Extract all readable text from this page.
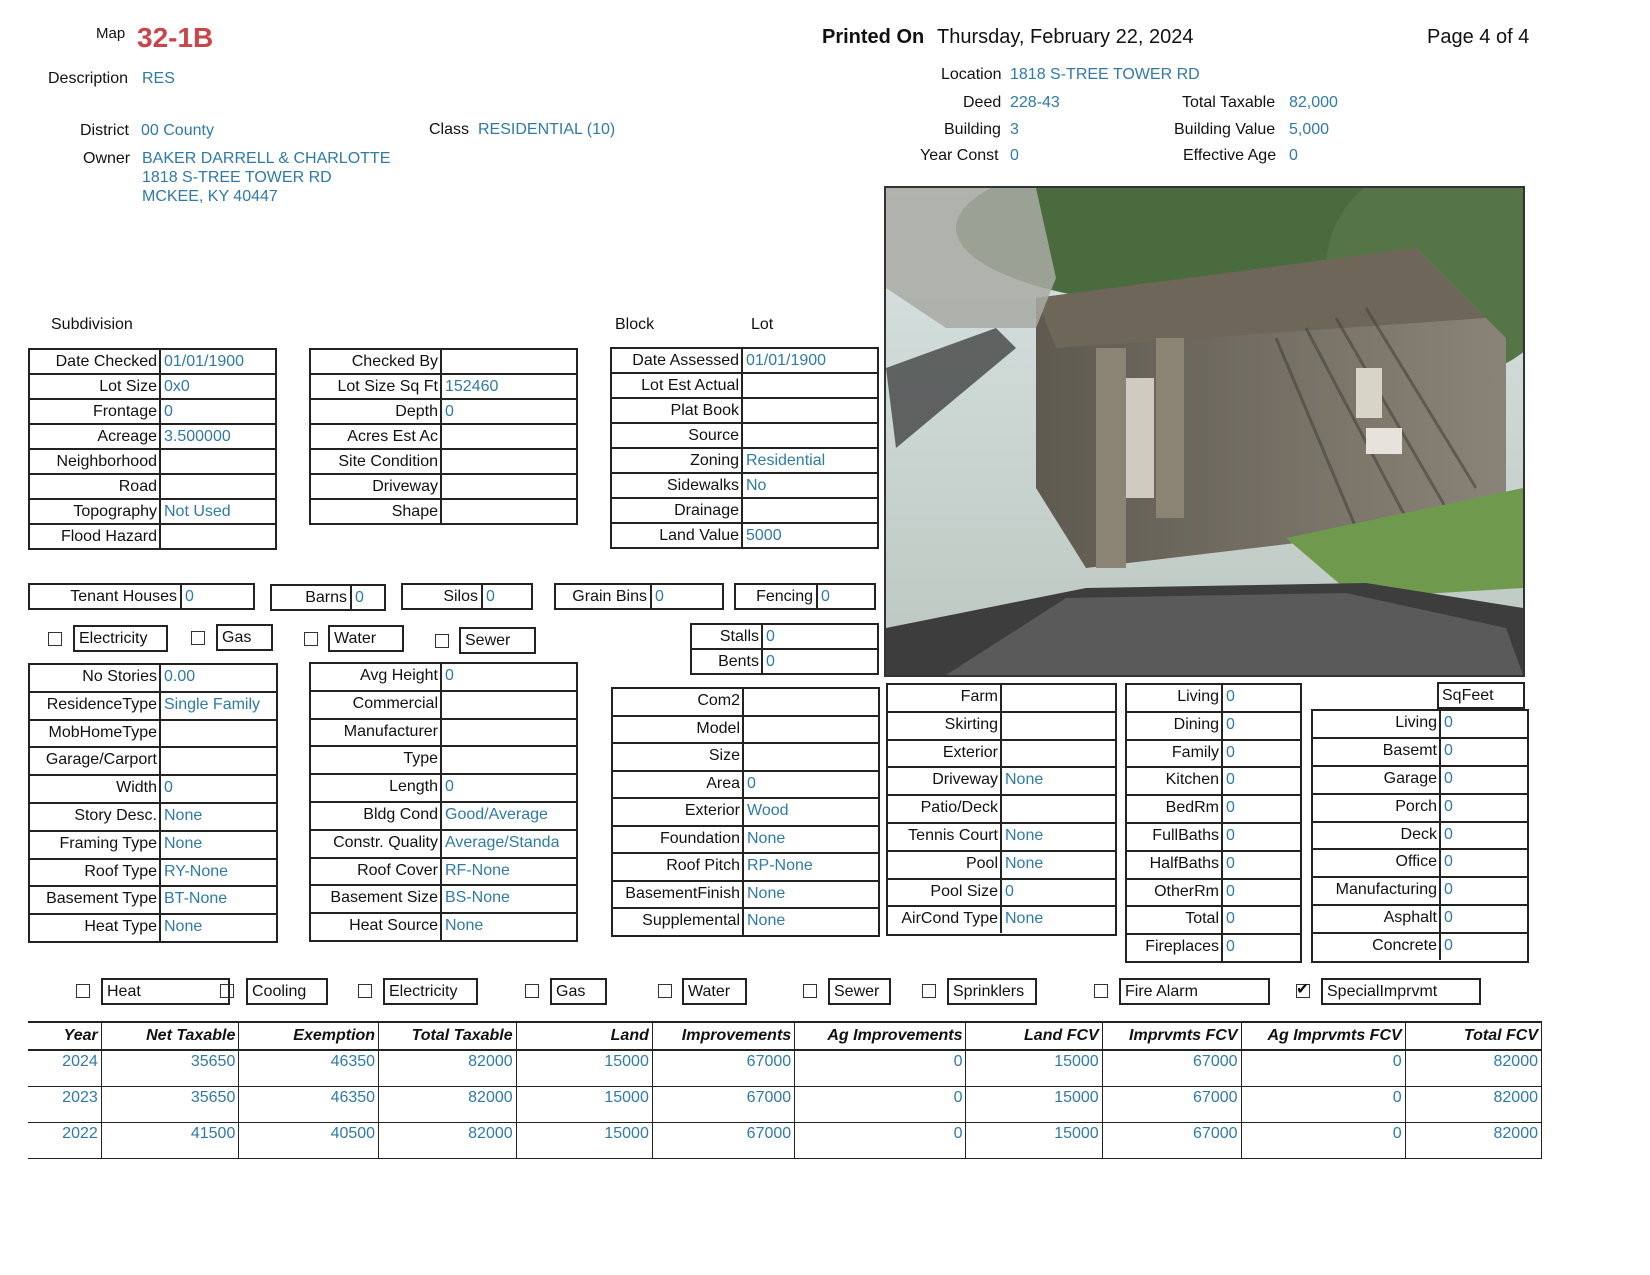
Map 32-1B	Printed On Thursday, February 22, 2024	Page 4 of 4
Description RES
District 00 County	Class RESIDENTIAL (10)
Owner BAKER DARRELL & CHARLOTTE
1818 S-TREE TOWER RD
MCKEE, KY 40447
Location 1818 S-TREE TOWER RD
Deed 228-43
Building 3
Year Const 0
Total Taxable 82,000
Building Value 5,000
Effective Age 0
Subdivision	Block	Lot
Date Checked 01/01/1900
Lot Size 0x0
Frontage 0
Acreage 3.500000
Neighborhood
Road
Topography Not Used
Flood Hazard
Checked By
Lot Size Sq Ft 152460
Depth 0
Acres Est Ac
Site Condition
Driveway
Shape
Date Assessed 01/01/1900
Lot Est Actual
Plat Book
Source
Zoning Residential
Sidewalks No
Drainage
Land Value 5000
Tenant Houses 0	Barns 0	Silos 0	Grain Bins 0	Fencing 0
Electricity	Gas	Water	Sewer	Stalls 0
Bents 0
No Stories 0.00
ResidenceType Single Family
MobHomeType
Garage/Carport
Width 0
Story Desc. None
Framing Type None
Roof Type RY-None
Basement Type BT-None
Heat Type None
Avg Height 0
Commercial
Manufacturer
Type
Length 0
Bldg Cond Good/Average
Constr. Quality Average/Standa
Roof Cover RF-None
Basement Size BS-None
Heat Source None
Com2
Model
Size
Area 0
Exterior Wood
Foundation None
Roof Pitch RP-None
BasementFinish None
Supplemental None
Farm
Skirting
Exterior
Driveway None
Patio/Deck
Tennis Court None
Pool None
Pool Size 0
AirCond Type None
Living 0
Dining 0
Family 0
Kitchen 0
BedRm 0
FullBaths 0
HalfBaths 0
OtherRm 0
Total 0
Fireplaces 0
SqFeet
Living 0
Basemt 0
Garage 0
Porch 0
Deck 0
Office 0
Manufacturing 0
Asphalt 0
Concrete 0
Heat	Cooling	Electricity	Gas	Water	Sewer	Sprinklers	Fire Alarm ✔	SpecialImprvmt
Year	Net Taxable	Exemption	Total Taxable	Land	Improvements	Ag Improvements	Land FCV	Imprvmts FCV	Ag Imprvmts FCV	Total FCV
2024	35650	46350	82000	15000	67000	0	15000	67000	0	82000
2023	35650	46350	82000	15000	67000	0	15000	67000	0	82000
2022	41500	40500	82000	15000	67000	0	15000	67000	0	82000
